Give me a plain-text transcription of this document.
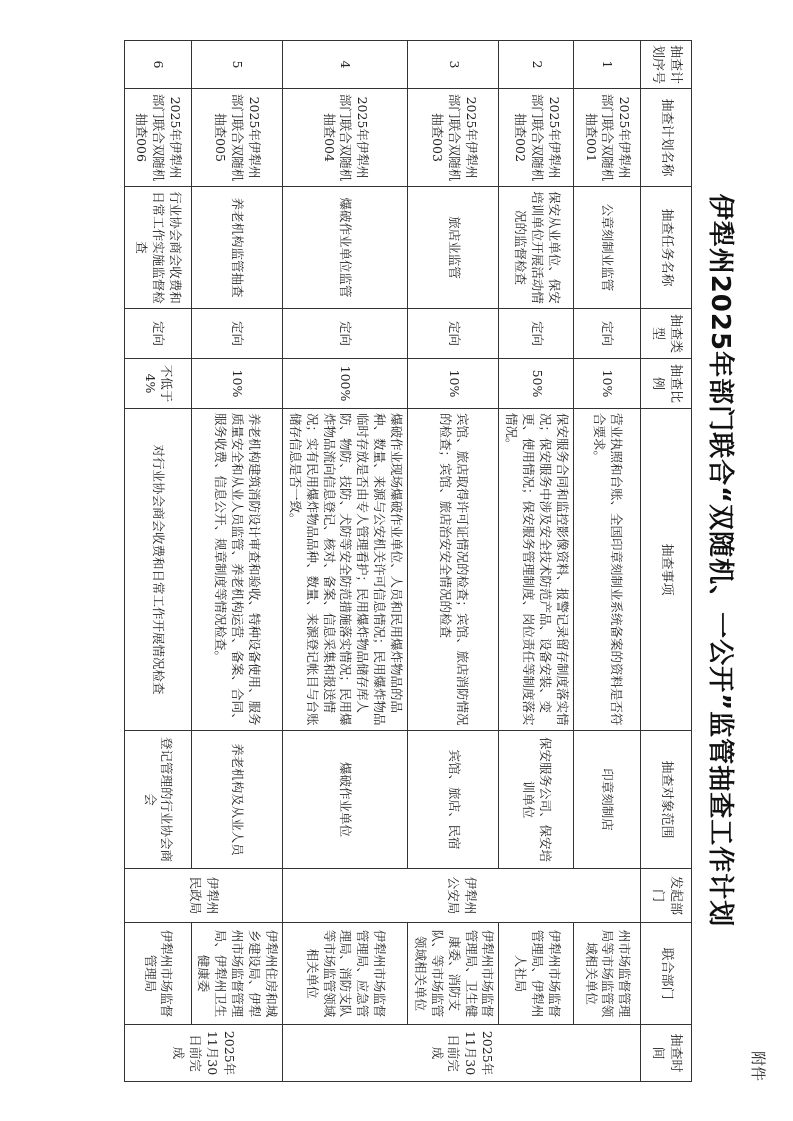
附件
伊犁州2025年部门联合“双随机、一公开”监管抽查工作计划
抽查计划序号	抽查计划名称	抽查任务名称	抽查类型	抽查比例	抽查事项	抽查对象范围	发起部门	联合部门	抽查时间
1	2025年伊犁州部门联合双随机抽查001	公章刻制业监管	定向	10%	营业执照和台账、全国印章刻制业系统备案的资料是否符合要求。	印章刻制店	伊犁州公安局	州市场监督管理局等市场监管领域相关单位	2025年11月30日前完成
2	2025年伊犁州部门联合双随机抽查002	保安从业单位、保安培训单位开展活动情况的监督检查	定向	50%	保安服务合同和监控影像资料、报警记录留存制度落实情况；保安服务中涉及安全技术防范产品、设备安装、变更、使用情况；保安服务管理制度、岗位责任等制度落实情况。	保安服务公司、保安培训单位		伊犁州市场监督管理局、伊犁州人社局	
3	2025年伊犁州部门联合双随机抽查003	旅店业监管	定向	10%	宾馆、旅店取得许可证情况的检查；宾馆、旅店消防情况的检查；宾馆、旅店治安安全情况的检查	宾馆、旅店、民宿		伊犁州市场监督管理局、卫生健康委、消防支队、等市场监管领域相关单位	
4	2025年伊犁州部门联合双随机抽查004	爆破作业单位监管	定向	100%	爆破作业现场爆破作业单位、人员和民用爆炸物品的品种、数量、来源与公安机关许可信息情况；民用爆炸物品临时存放是否由专人管理看护；民用爆炸物品储存库人防、物防、技防、犬防等安全防范措施落实情况；民用爆炸物品流向信息登记、核对、备案、信息采集和报送情况；实有民用爆炸物品品种、数量、来源登记帐目与台账储存信息是否一致。	爆破作业单位		伊犁州市场监督管理局、应急管理局、消防支队等市场监管领域相关单位	
5	2025年伊犁州部门联合双随机抽查005	养老机构监管抽查	定向	10%	养老机构建筑消防设计审查和验收、特种设备使用、服务质量安全和从业人员监管、养老机构运营、备案、合同、服务收费、信息公开、规章制度等情况检查。	养老机构及从业人员	伊犁州民政局	伊犁州住房和城乡建设局、伊犁州市场监督管理局、伊犁州卫生健康委	2025年11月30日前完成
6	2025年伊犁州部门联合双随机抽查006	行业协会商会收费和日常工作实施监督检查	定向	不低于4%	对行业协会商会收费和日常工作开展情况检查	登记管理的行业协会商会		伊犁州市场监督管理局	
